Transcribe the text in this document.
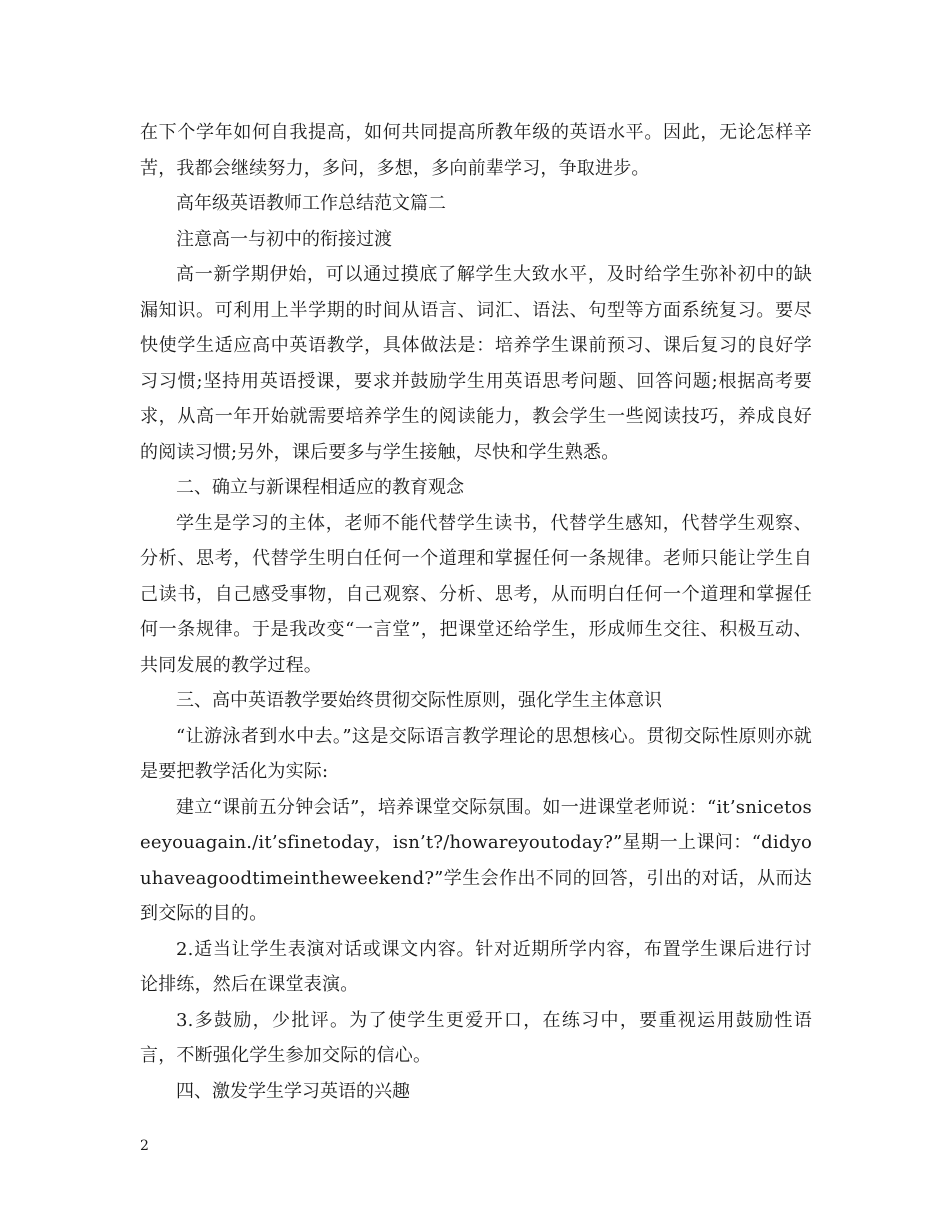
在下个学年如何自我提高，如何共同提高所教年级的英语水平。因此，无论怎样辛苦，我都会继续努力，多问，多想，多向前辈学习，争取进步。

高年级英语教师工作总结范文篇二

注意高一与初中的衔接过渡

高一新学期伊始，可以通过摸底了解学生大致水平，及时给学生弥补初中的缺漏知识。可利用上半学期的时间从语言、词汇、语法、句型等方面系统复习。要尽快使学生适应高中英语教学，具体做法是：培养学生课前预习、课后复习的良好学习习惯;坚持用英语授课，要求并鼓励学生用英语思考问题、回答问题;根据高考要求，从高一年开始就需要培养学生的阅读能力，教会学生一些阅读技巧，养成良好的阅读习惯;另外，课后要多与学生接触，尽快和学生熟悉。

二、确立与新课程相适应的教育观念

学生是学习的主体，老师不能代替学生读书，代替学生感知，代替学生观察、分析、思考，代替学生明白任何一个道理和掌握任何一条规律。老师只能让学生自己读书，自己感受事物，自己观察、分析、思考，从而明白任何一个道理和掌握任何一条规律。于是我改变“一言堂”，把课堂还给学生，形成师生交往、积极互动、共同发展的教学过程。

三、高中英语教学要始终贯彻交际性原则，强化学生主体意识

“让游泳者到水中去。”这是交际语言教学理论的思想核心。贯彻交际性原则亦就是要把教学活化为实际:

建立“课前五分钟会话”，培养课堂交际氛围。如一进课堂老师说：“it’snicetoseeyouagain./it’sfinetoday，isn’t?/howareyoutoday?”星期一上课问：“didyouhaveagoodtimeintheweekend?”学生会作出不同的回答，引出的对话，从而达到交际的目的。

2.适当让学生表演对话或课文内容。针对近期所学内容，布置学生课后进行讨论排练，然后在课堂表演。

3.多鼓励，少批评。为了使学生更爱开口，在练习中，要重视运用鼓励性语言，不断强化学生参加交际的信心。

四、激发学生学习英语的兴趣

2
